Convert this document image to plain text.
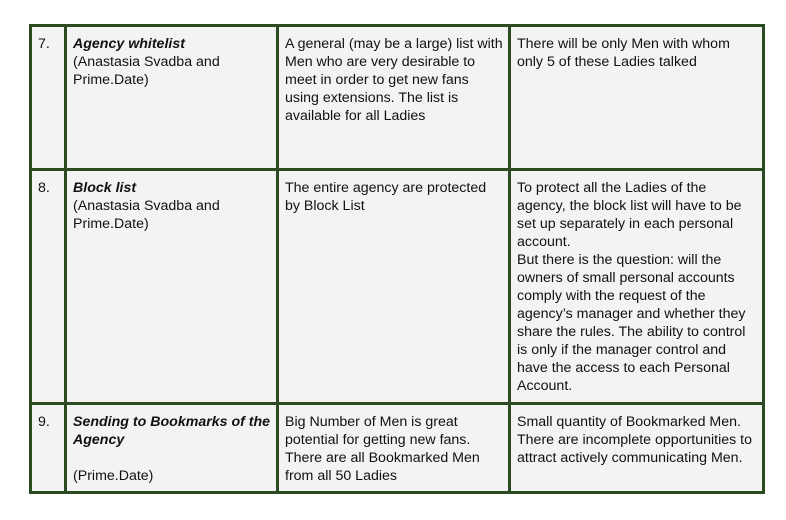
7.	Agency whitelist
(Anastasia Svadba and Prime.Date)	A general (may be a large) list with Men who are very desirable to meet in order to get new fans using extensions. The list is available for all Ladies	There will be only Men with whom only 5 of these Ladies talked

8.	Block list
(Anastasia Svadba and Prime.Date)	The entire agency are protected by Block List	To protect all the Ladies of the agency, the block list will have to be set up separately in each personal account.
But there is the question: will the owners of small personal accounts comply with the request of the agency’s manager and whether they share the rules. The ability to control is only if the manager control and have the access to each Personal Account.

9.	Sending to Bookmarks of the Agency
(Prime.Date)	Big Number of Men is great potential for getting new fans. There are all Bookmarked Men from all 50 Ladies	Small quantity of Bookmarked Men. There are incomplete opportunities to attract actively communicating Men.
